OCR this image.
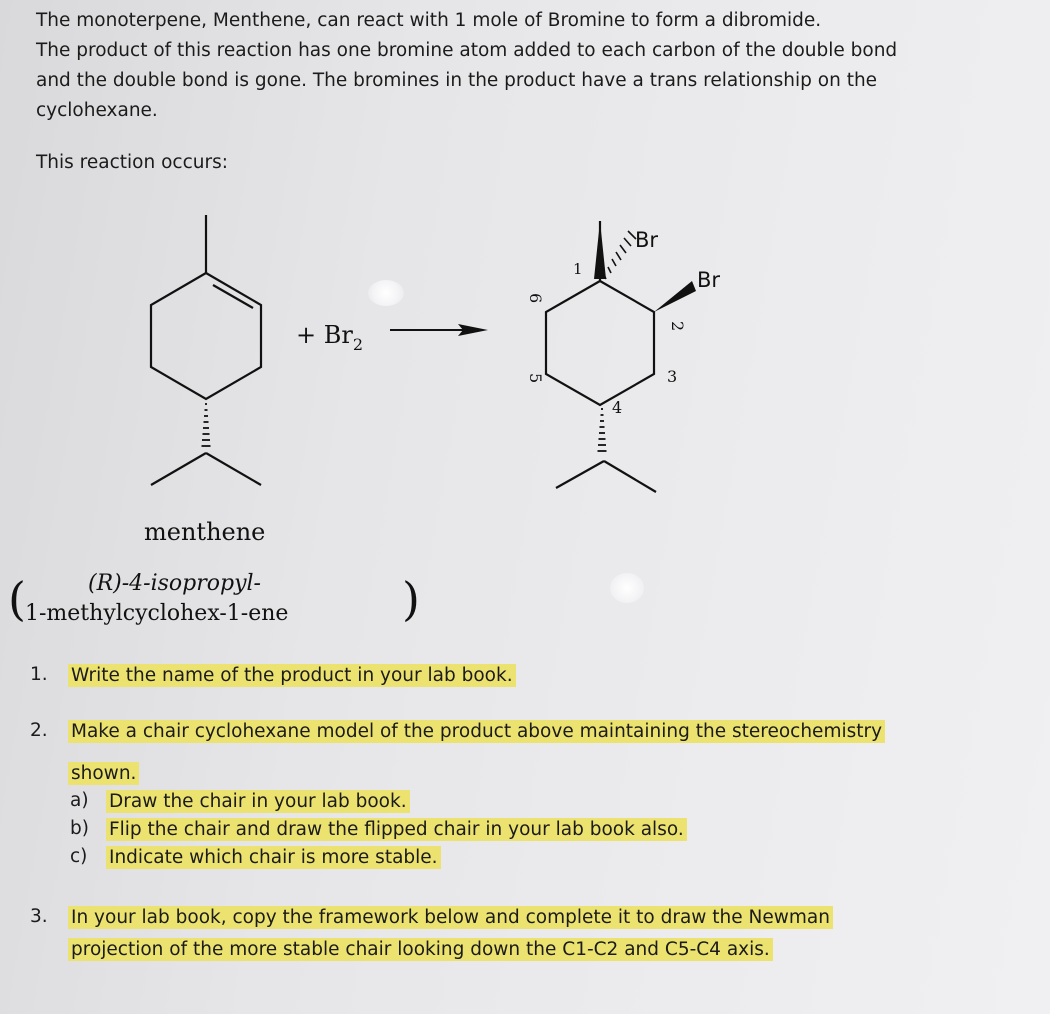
The monoterpene, Menthene, can react with 1 mole of Bromine to form a dibromide.
The product of this reaction has one bromine atom added to each carbon of the double bond
and the double bond is gone. The bromines in the product have a trans relationship on the
cyclohexane.
This reaction occurs:
+ $Br_2$
Br
Br
1
2
3
4
5
6
menthene
(	(R)-4-isopropyl-
1-methylcyclohex-1-ene )
1.	Write the name of the product in your lab book.
2.	Make a chair cyclohexane model of the product above maintaining the stereochemistry
shown.
a) Draw the chair in your lab book.
b) Flip the chair and draw the flipped chair in your lab book also.
c) Indicate which chair is more stable.
3.	In your lab book, copy the framework below and complete it to draw the Newman
projection of the more stable chair looking down the C1-C2 and C5-C4 axis.
